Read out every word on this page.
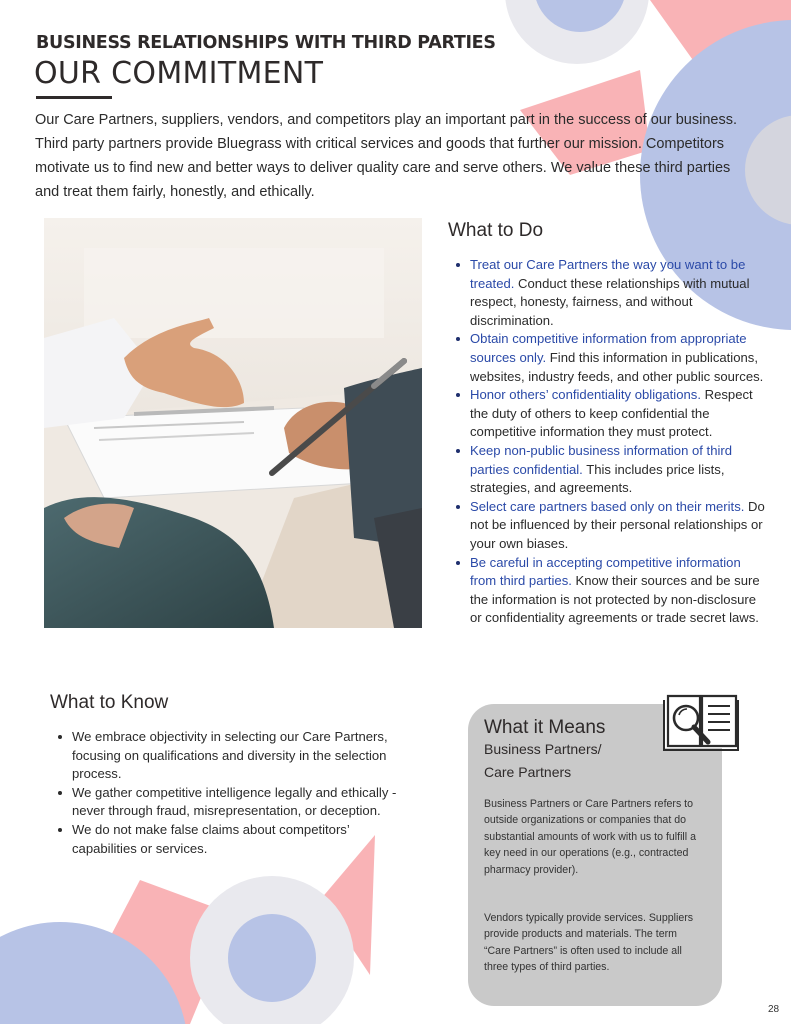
BUSINESS RELATIONSHIPS WITH THIRD PARTIES
OUR COMMITMENT

Our Care Partners, suppliers, vendors, and competitors play an important part in the success of our business. Third party partners provide Bluegrass with critical services and goods that further our mission. Competitors motivate us to find new and better ways to deliver quality care and serve others. We value these third parties and treat them fairly, honestly, and ethically.

What to Do
Treat our Care Partners the way you want to be treated. Conduct these relationships with mutual respect, honesty, fairness, and without discrimination.
Obtain competitive information from appropriate sources only. Find this information in publications, websites, industry feeds, and other public sources.
Honor others’ confidentiality obligations. Respect the duty of others to keep confidential the competitive information they must protect.
Keep non-public business information of third parties confidential. This includes price lists, strategies, and agreements.
Select care partners based only on their merits. Do not be influenced by their personal relationships or your own biases.
Be careful in accepting competitive information from third parties. Know their sources and be sure the information is not protected by non-disclosure or confidentiality agreements or trade secret laws.
What to Know
We embrace objectivity in selecting our Care Partners, focusing on qualifications and diversity in the selection process.
We gather competitive intelligence legally and ethically - never through fraud, misrepresentation, or deception.
We do not make false claims about competitors’ capabilities or services.
What it Means
Business Partners/
Care Partners

Business Partners or Care Partners refers to outside organizations or companies that do substantial amounts of work with us to fulfill a key need in our operations (e.g., contracted pharmacy provider).

Vendors typically provide services. Suppliers provide products and materials. The term “Care Partners” is often used to include all three types of third parties.

28
